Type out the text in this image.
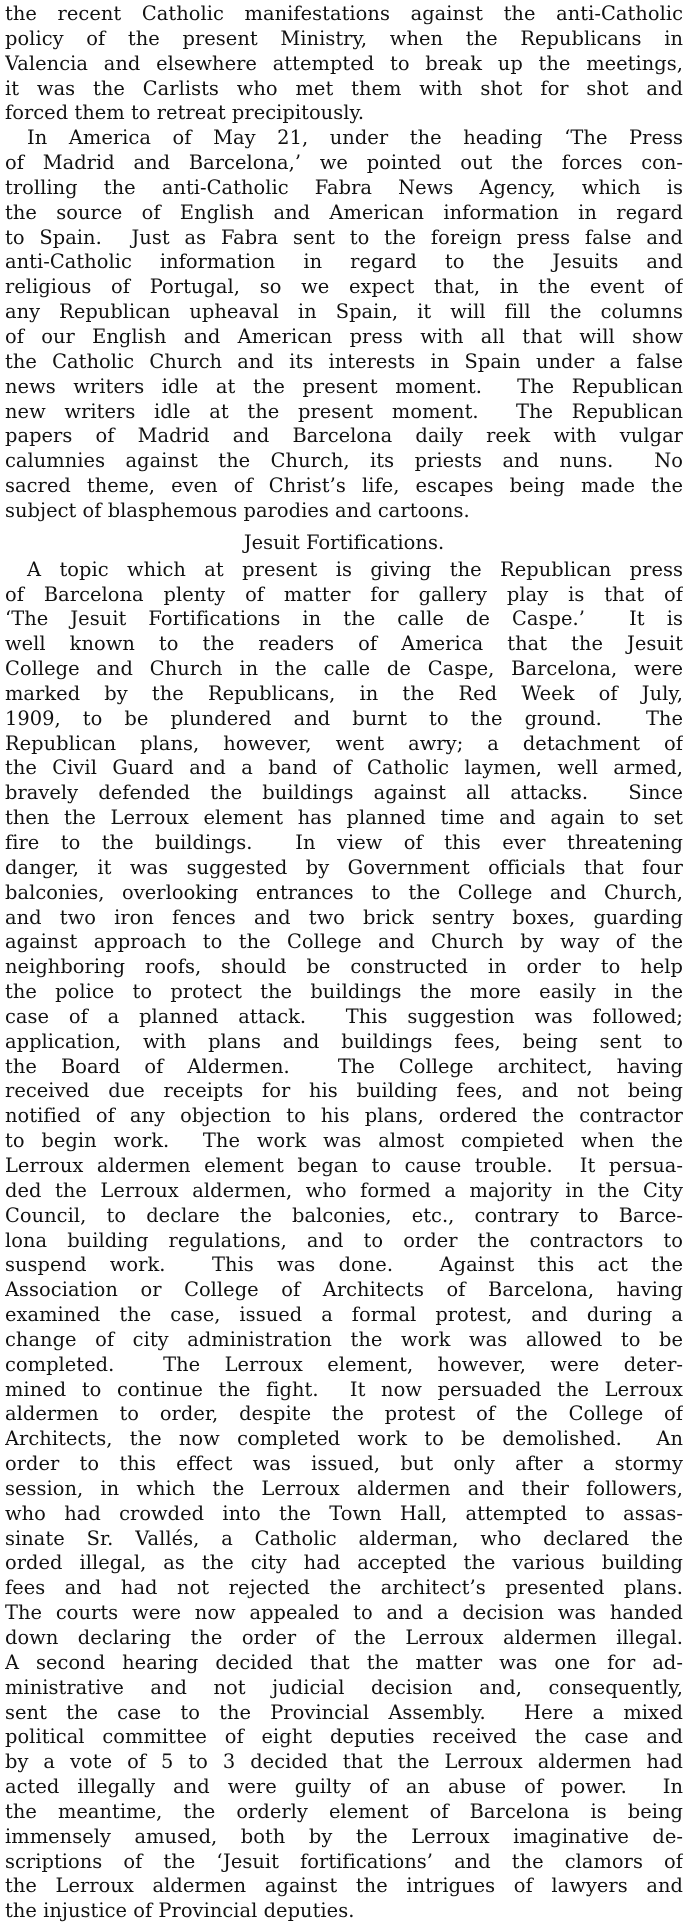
the recent Catholic manifestations against the anti-Catholic
policy of the present Ministry, when the Republicans in
Valencia and elsewhere attempted to break up the meetings,
it was the Carlists who met them with shot for shot and
forced them to retreat precipitously.
In America of May 21, under the heading ‘The Press
of Madrid and Barcelona,’ we pointed out the forces con-
trolling the anti-Catholic Fabra News Agency, which is
the source of English and American information in regard
to Spain.  Just as Fabra sent to the foreign press false and
anti-Catholic information in regard to the Jesuits and
religious of Portugal, so we expect that, in the event of
any Republican upheaval in Spain, it will fill the columns
of our English and American press with all that will show
the Catholic Church and its interests in Spain under a false
news writers idle at the present moment.  The Republican
new writers idle at the present moment.  The Republican
papers of Madrid and Barcelona daily reek with vulgar
calumnies against the Church, its priests and nuns.  No
sacred theme, even of Christ’s life, escapes being made the
subject of blasphemous parodies and cartoons.
Jesuit Fortifications.
A topic which at present is giving the Republican press
of Barcelona plenty of matter for gallery play is that of
‘The Jesuit Fortifications in the calle de Caspe.’  It is
well known to the readers of America that the Jesuit
College and Church in the calle de Caspe, Barcelona, were
marked by the Republicans, in the Red Week of July,
1909, to be plundered and burnt to the ground.  The
Republican plans, however, went awry; a detachment of
the Civil Guard and a band of Catholic laymen, well armed,
bravely defended the buildings against all attacks.  Since
then the Lerroux element has planned time and again to set
fire to the buildings.  In view of this ever threatening
danger, it was suggested by Government officials that four
balconies, overlooking entrances to the College and Church,
and two iron fences and two brick sentry boxes, guarding
against approach to the College and Church by way of the
neighboring roofs, should be constructed in order to help
the police to protect the buildings the more easily in the
case of a planned attack.  This suggestion was followed;
application, with plans and buildings fees, being sent to
the Board of Aldermen.  The College architect, having
received due receipts for his building fees, and not being
notified of any objection to his plans, ordered the contractor
to begin work.  The work was almost compieted when the
Lerroux aldermen element began to cause trouble.  It persua-
ded the Lerroux aldermen, who formed a majority in the City
Council, to declare the balconies, etc., contrary to Barce-
lona building regulations, and to order the contractors to
suspend work.  This was done.  Against this act the
Association or College of Architects of Barcelona, having
examined the case, issued a formal protest, and during a
change of city administration the work was allowed to be
completed.  The Lerroux element, however, were deter-
mined to continue the fight.  It now persuaded the Lerroux
aldermen to order, despite the protest of the College of
Architects, the now completed work to be demolished.  An
order to this effect was issued, but only after a stormy
session, in which the Lerroux aldermen and their followers,
who had crowded into the Town Hall, attempted to assas-
sinate Sr. Vallés, a Catholic alderman, who declared the
orded illegal, as the city had accepted the various building
fees and had not rejected the architect’s presented plans.
The courts were now appealed to and a decision was handed
down declaring the order of the Lerroux aldermen illegal.
A second hearing decided that the matter was one for ad-
ministrative and not judicial decision and, consequently,
sent the case to the Provincial Assembly.  Here a mixed
political committee of eight deputies received the case and
by a vote of 5 to 3 decided that the Lerroux aldermen had
acted illegally and were guilty of an abuse of power.  In
the meantime, the orderly element of Barcelona is being
immensely amused, both by the Lerroux imaginative de-
scriptions of the ‘Jesuit fortifications’ and the clamors of
the Lerroux aldermen against the intrigues of lawyers and
the injustice of Provincial deputies.
